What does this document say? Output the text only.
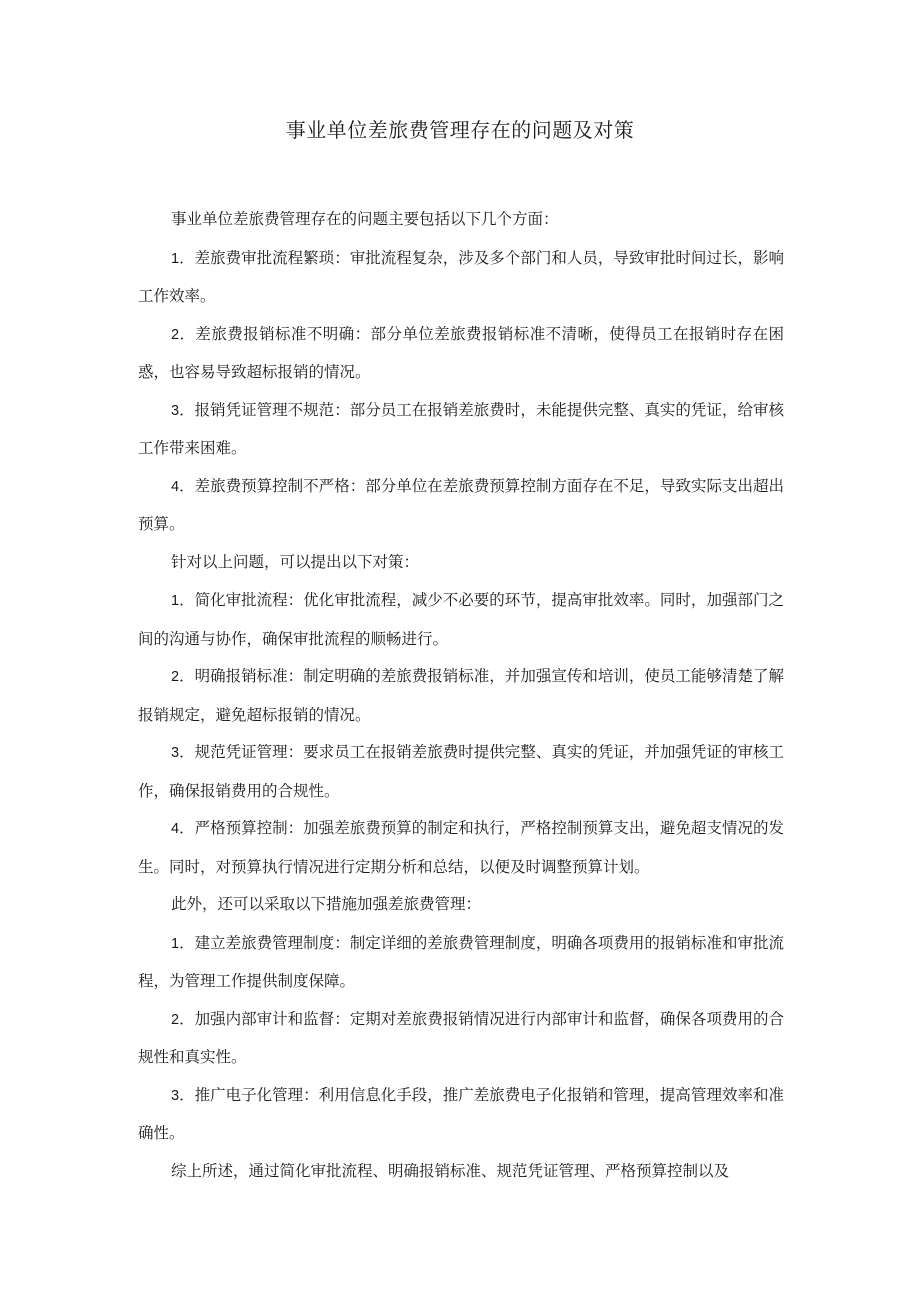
事业单位差旅费管理存在的问题及对策

事业单位差旅费管理存在的问题主要包括以下几个方面：

1．差旅费审批流程繁琐：审批流程复杂，涉及多个部门和人员，导致审批时间过长，影响工作效率。

2．差旅费报销标准不明确：部分单位差旅费报销标准不清晰，使得员工在报销时存在困惑，也容易导致超标报销的情况。

3．报销凭证管理不规范：部分员工在报销差旅费时，未能提供完整、真实的凭证，给审核工作带来困难。

4．差旅费预算控制不严格：部分单位在差旅费预算控制方面存在不足，导致实际支出超出预算。

针对以上问题，可以提出以下对策：

1．简化审批流程：优化审批流程，减少不必要的环节，提高审批效率。同时，加强部门之间的沟通与协作，确保审批流程的顺畅进行。

2．明确报销标准：制定明确的差旅费报销标准，并加强宣传和培训，使员工能够清楚了解报销规定，避免超标报销的情况。

3．规范凭证管理：要求员工在报销差旅费时提供完整、真实的凭证，并加强凭证的审核工作，确保报销费用的合规性。

4．严格预算控制：加强差旅费预算的制定和执行，严格控制预算支出，避免超支情况的发生。同时，对预算执行情况进行定期分析和总结，以便及时调整预算计划。

此外，还可以采取以下措施加强差旅费管理：

1．建立差旅费管理制度：制定详细的差旅费管理制度，明确各项费用的报销标准和审批流程，为管理工作提供制度保障。

2．加强内部审计和监督：定期对差旅费报销情况进行内部审计和监督，确保各项费用的合规性和真实性。

3．推广电子化管理：利用信息化手段，推广差旅费电子化报销和管理，提高管理效率和准确性。

综上所述，通过简化审批流程、明确报销标准、规范凭证管理、严格预算控制以及
